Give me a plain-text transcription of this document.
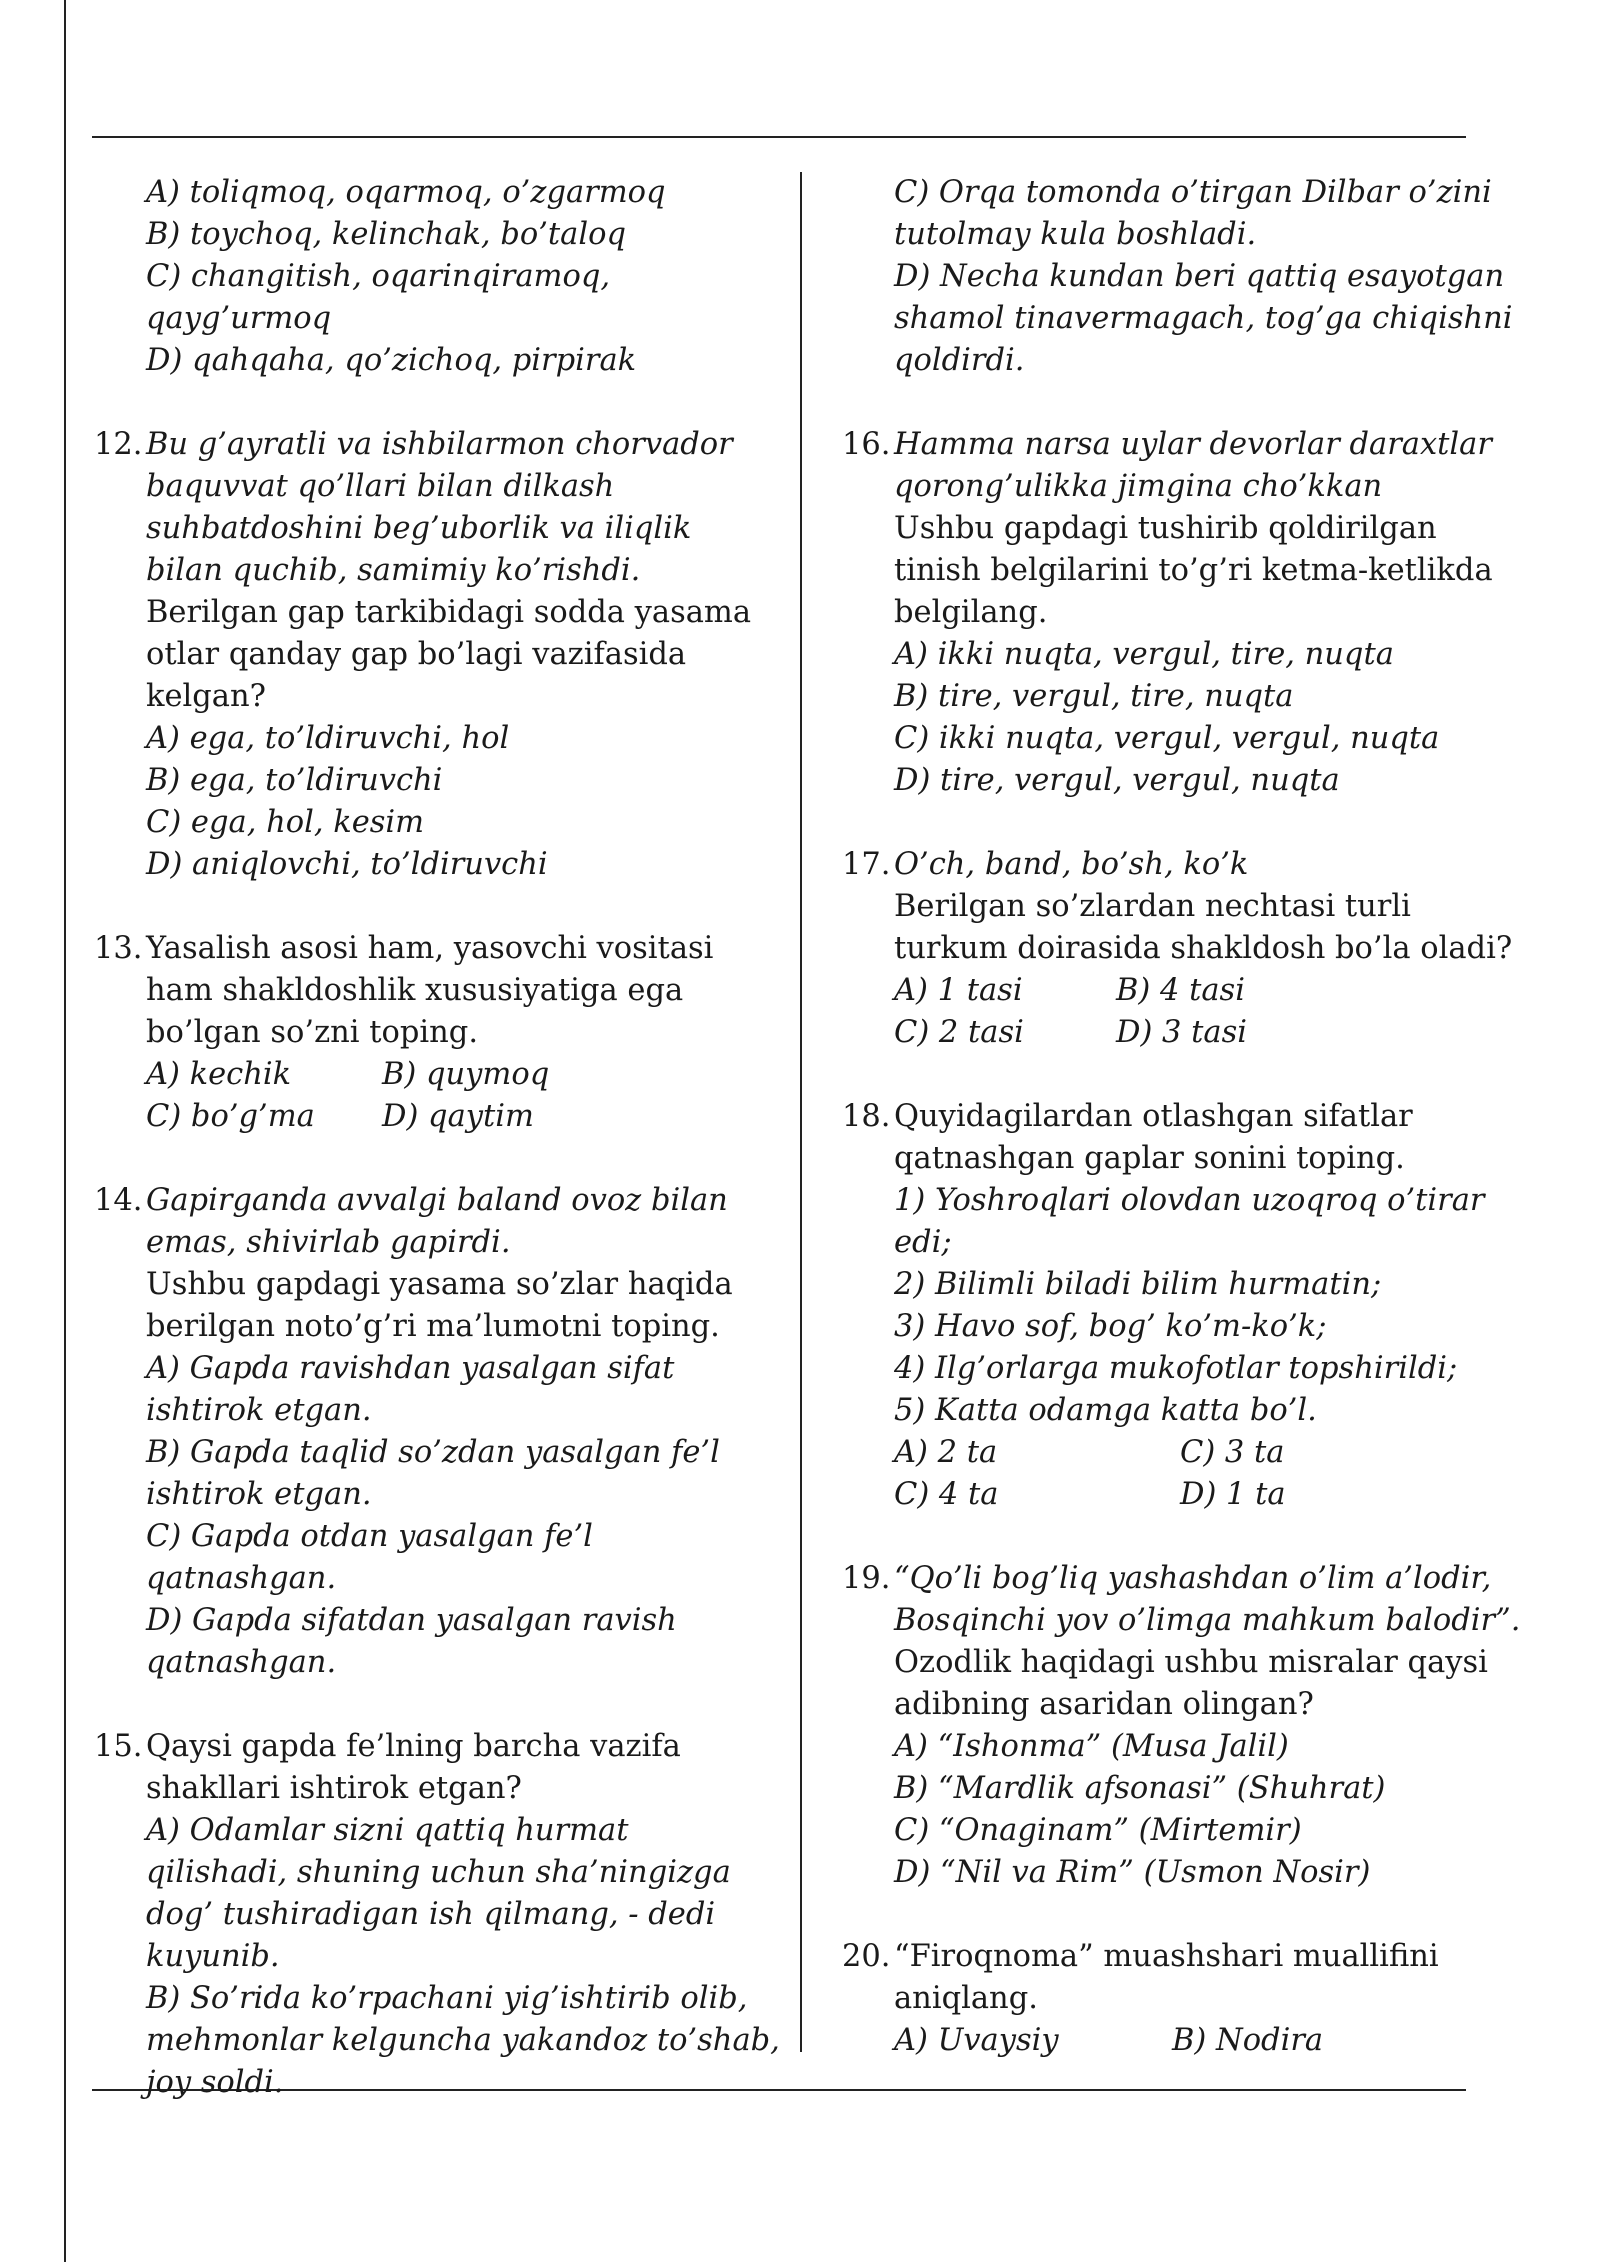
A) toliqmoq, oqarmoq, o’zgarmoq
B) toychoq, kelinchak, bo’taloq
C) changitish, oqarinqiramoq,
qayg’urmoq
D) qahqaha, qo’zichoq, pirpirak
12. Bu g’ayratli va ishbilarmon chorvador
baquvvat qo’llari bilan dilkash
suhbatdoshini beg’uborlik va iliqlik
bilan quchib, samimiy ko’rishdi.
Berilgan gap tarkibidagi sodda yasama
otlar qanday gap bo’lagi vazifasida
kelgan?
A) ega, to’ldiruvchi, hol
B) ega, to’ldiruvchi
C) ega, hol, kesim
D) aniqlovchi, to’ldiruvchi
13. Yasalish asosi ham, yasovchi vositasi
ham shakldoshlik xususiyatiga ega
bo’lgan so’zni toping.
A) kechik	B) quymoq
C) bo’g’ma D) qaytim
14. Gapirganda avvalgi baland ovoz bilan
emas, shivirlab gapirdi.
Ushbu gapdagi yasama so’zlar haqida
berilgan noto’g’ri ma’lumotni toping.
A) Gapda ravishdan yasalgan sifat
ishtirok etgan.
B) Gapda taqlid so’zdan yasalgan fe’l
ishtirok etgan.
C) Gapda otdan yasalgan fe’l
qatnashgan.
D) Gapda sifatdan yasalgan ravish
qatnashgan.
15. Qaysi gapda fe’lning barcha vazifa
shakllari ishtirok etgan?
A) Odamlar sizni qattiq hurmat
qilishadi, shuning uchun sha’ningizga
dog’ tushiradigan ish qilmang, - dedi
kuyunib.
B) So’rida ko’rpachani yig’ishtirib olib,
mehmonlar kelguncha yakandoz to’shab,
joy soldi.
C) Orqa tomonda o’tirgan Dilbar o’zini
tutolmay kula boshladi.
D) Necha kundan beri qattiq esayotgan
shamol tinavermagach, tog’ga chiqishni
qoldirdi.
16. Hamma narsa uylar devorlar daraxtlar
qorong’ulikka jimgina cho’kkan
Ushbu gapdagi tushirib qoldirilgan
tinish belgilarini to’g’ri ketma-ketlikda
belgilang.
A) ikki nuqta, vergul, tire, nuqta
B) tire, vergul, tire, nuqta
C) ikki nuqta, vergul, vergul, nuqta
D) tire, vergul, vergul, nuqta
17. O’ch, band, bo’sh, ko’k
Berilgan so’zlardan nechtasi turli
turkum doirasida shakldosh bo’la oladi?
A) 1 tasi	B) 4 tasi
C) 2 tasi	D) 3 tasi
18. Quyidagilardan otlashgan sifatlar
qatnashgan gaplar sonini toping.
1) Yoshroqlari olovdan uzoqroq o’tirar
edi;
2) Bilimli biladi bilim hurmatin;
3) Havo sof, bog’ ko’m-ko’k;
4) Ilg’orlarga mukofotlar topshirildi;
5) Katta odamga katta bo’l.
A) 2 ta	C) 3 ta
C) 4 ta	D) 1 ta
19. “Qo’li bog’liq yashashdan o’lim a’lodir,
Bosqinchi yov o’limga mahkum balodir”.
Ozodlik haqidagi ushbu misralar qaysi
adibning asaridan olingan?
A) “Ishonma” (Musa Jalil)
B) “Mardlik afsonasi” (Shuhrat)
C) “Onaginam” (Mirtemir)
D) “Nil va Rim” (Usmon Nosir)
20. “Firoqnoma” muashshari muallifini
aniqlang.
A) Uvaysiy	B) Nodira
